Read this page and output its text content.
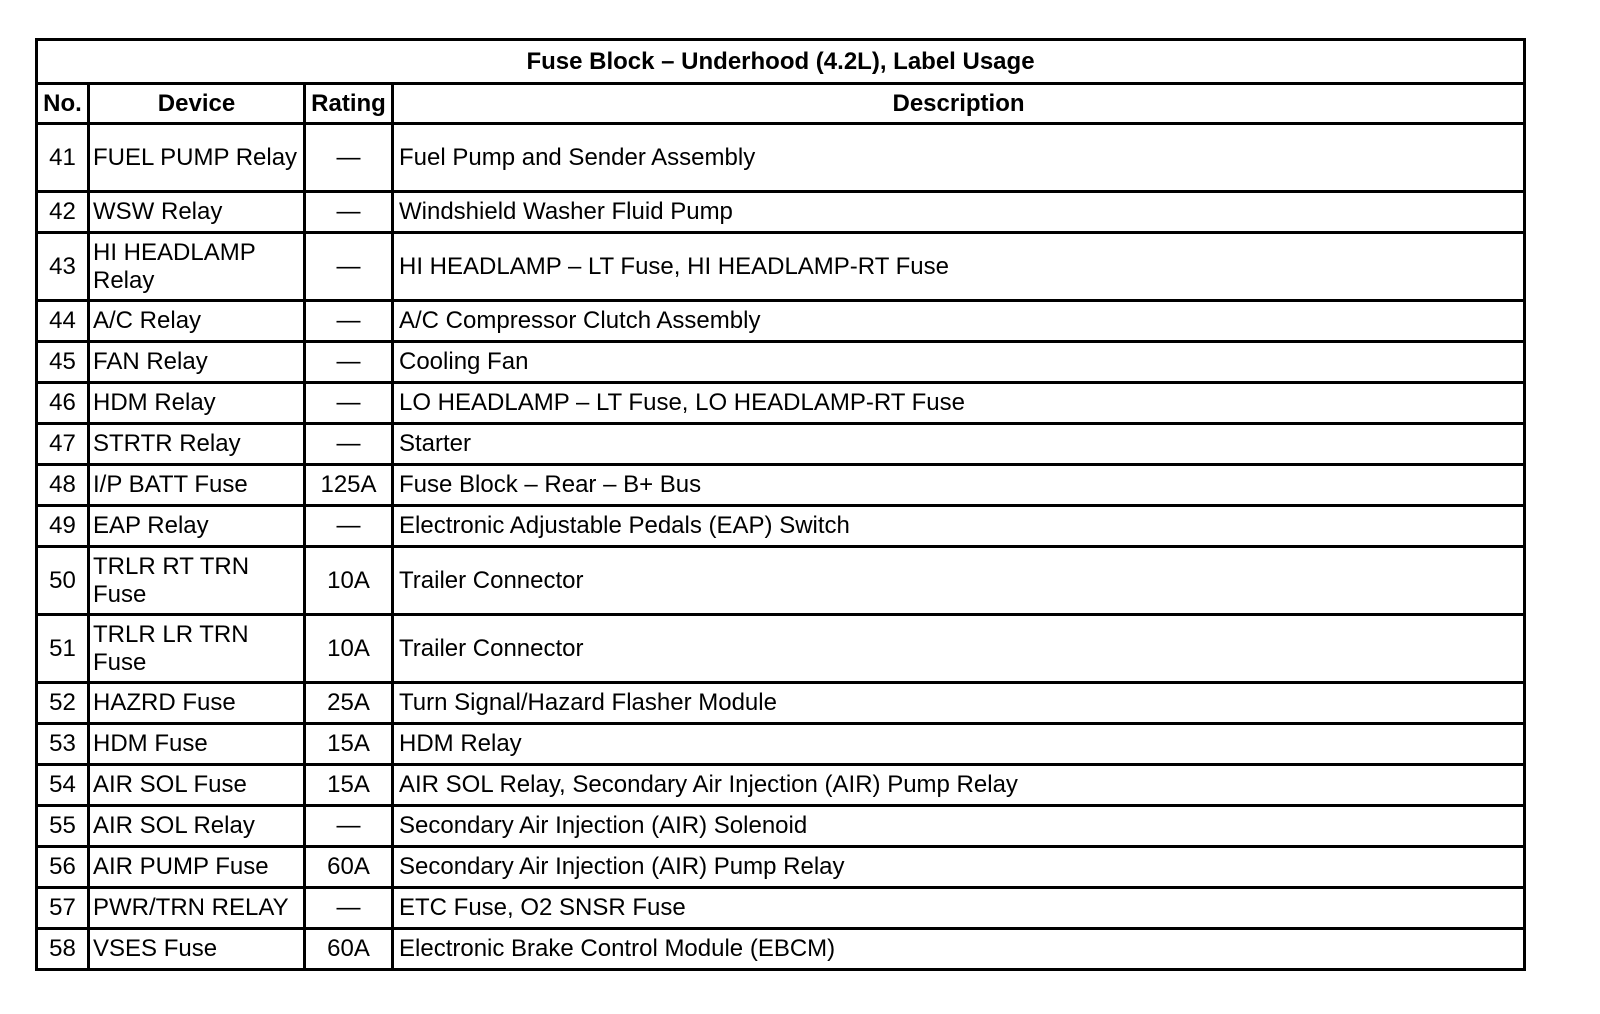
Fuse Block – Underhood (4.2L), Label Usage			
No.	Device	Rating	Description
41	FUEL PUMP Relay	—	Fuel Pump and Sender Assembly
42	WSW Relay	—	Windshield Washer Fluid Pump
43	HI HEADLAMP Relay	—	HI HEADLAMP – LT Fuse, HI HEADLAMP-RT Fuse
44	A/C Relay	—	A/C Compressor Clutch Assembly
45	FAN Relay	—	Cooling Fan
46	HDM Relay	—	LO HEADLAMP – LT Fuse, LO HEADLAMP-RT Fuse
47	STRTR Relay	—	Starter
48	I/P BATT Fuse	125A	Fuse Block – Rear – B+ Bus
49	EAP Relay	—	Electronic Adjustable Pedals (EAP) Switch
50	TRLR RT TRN Fuse	10A	Trailer Connector
51	TRLR LR TRN Fuse	10A	Trailer Connector
52	HAZRD Fuse	25A	Turn Signal/Hazard Flasher Module
53	HDM Fuse	15A	HDM Relay
54	AIR SOL Fuse	15A	AIR SOL Relay, Secondary Air Injection (AIR) Pump Relay
55	AIR SOL Relay	—	Secondary Air Injection (AIR) Solenoid
56	AIR PUMP Fuse	60A	Secondary Air Injection (AIR) Pump Relay
57	PWR/TRN RELAY	—	ETC Fuse, O2 SNSR Fuse
58	VSES Fuse	60A	Electronic Brake Control Module (EBCM)
